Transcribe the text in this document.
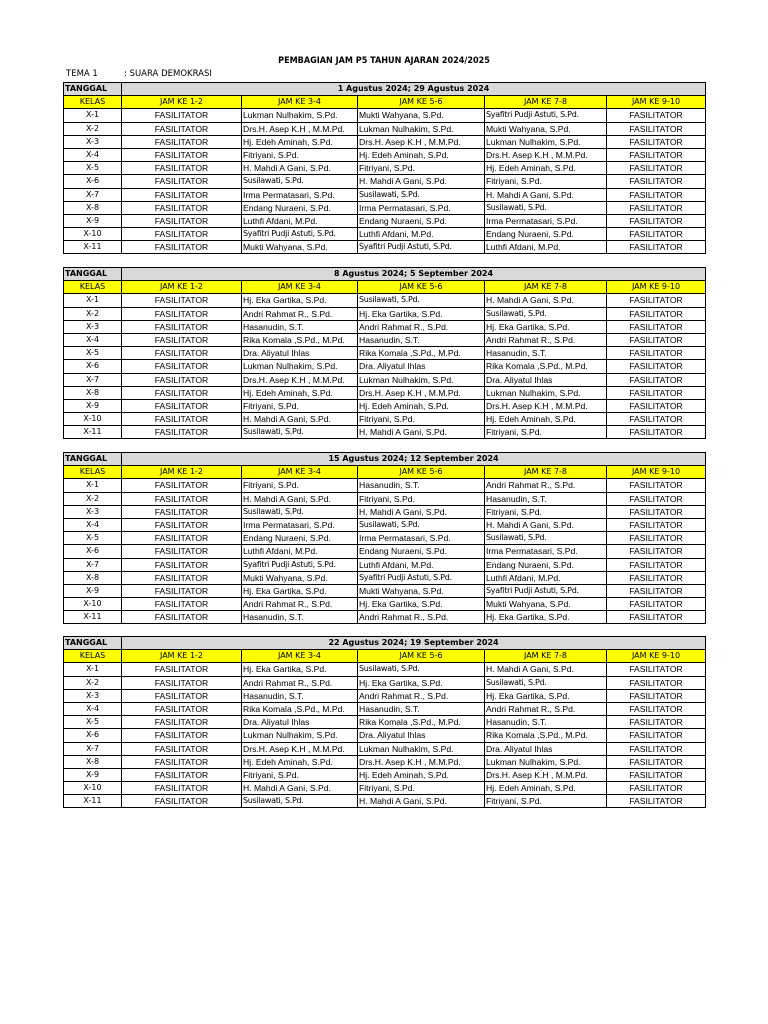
PEMBAGIAN JAM P5 TAHUN AJARAN 2024/2025
TEMA 1	: SUARA DEMOKRASI
TANGGAL	1 Agustus 2024; 29 Agustus 2024				
KELAS	JAM KE 1-2	JAM KE 3-4	JAM KE 5-6	JAM KE 7-8	JAM KE 9-10
X-1	FASILITATOR	Lukman Nulhakim, S.Pd.	Mukti Wahyana, S.Pd.	Syafitri Pudji Astuti, S.Pd.	FASILITATOR
X-2	FASILITATOR	Drs.H. Asep K.H , M.M.Pd.	Lukman Nulhakim, S.Pd.	Mukti Wahyana, S.Pd.	FASILITATOR
X-3	FASILITATOR	Hj. Edeh Aminah, S.Pd.	Drs.H. Asep K.H , M.M.Pd.	Lukman Nulhakim, S.Pd.	FASILITATOR
X-4	FASILITATOR	Fitriyani, S.Pd.	Hj. Edeh Aminah, S.Pd.	Drs.H. Asep K.H , M.M.Pd.	FASILITATOR
X-5	FASILITATOR	H. Mahdi A Gani, S.Pd.	Fitriyani, S.Pd.	Hj. Edeh Aminah, S.Pd.	FASILITATOR
X-6	FASILITATOR	Susilawati, S.Pd.	H. Mahdi A Gani, S.Pd.	Fitriyani, S.Pd.	FASILITATOR
X-7	FASILITATOR	Irma Permatasari, S.Pd.	Susilawati, S.Pd.	H. Mahdi A Gani, S.Pd.	FASILITATOR
X-8	FASILITATOR	Endang Nuraeni, S.Pd.	Irma Permatasari, S.Pd.	Susilawati, S.Pd.	FASILITATOR
X-9	FASILITATOR	Luthfi Afdani, M.Pd.	Endang Nuraeni, S.Pd.	Irma Permatasari, S.Pd.	FASILITATOR
X-10	FASILITATOR	Syafitri Pudji Astuti, S.Pd.	Luthfi Afdani, M.Pd.	Endang Nuraeni, S.Pd.	FASILITATOR
X-11	FASILITATOR	Mukti Wahyana, S.Pd.	Syafitri Pudji Astuti, S.Pd.	Luthfi Afdani, M.Pd.	FASILITATOR
TANGGAL	8 Agustus 2024; 5 September 2024				
KELAS	JAM KE 1-2	JAM KE 3-4	JAM KE 5-6	JAM KE 7-8	JAM KE 9-10
X-1	FASILITATOR	Hj. Eka Gartika, S.Pd.	Susilawati, S.Pd.	H. Mahdi A Gani, S.Pd.	FASILITATOR
X-2	FASILITATOR	Andri Rahmat R., S.Pd.	Hj. Eka Gartika, S.Pd.	Susilawati, S.Pd.	FASILITATOR
X-3	FASILITATOR	Hasanudin, S.T.	Andri Rahmat R., S.Pd.	Hj. Eka Gartika, S.Pd.	FASILITATOR
X-4	FASILITATOR	Rika Komala ,S.Pd., M.Pd.	Hasanudin, S.T.	Andri Rahmat R., S.Pd.	FASILITATOR
X-5	FASILITATOR	Dra. Aliyatul Ihlas	Rika Komala ,S.Pd., M.Pd.	Hasanudin, S.T.	FASILITATOR
X-6	FASILITATOR	Lukman Nulhakim, S.Pd.	Dra. Aliyatul Ihlas	Rika Komala ,S.Pd., M.Pd.	FASILITATOR
X-7	FASILITATOR	Drs.H. Asep K.H , M.M.Pd.	Lukman Nulhakim, S.Pd.	Dra. Aliyatul Ihlas	FASILITATOR
X-8	FASILITATOR	Hj. Edeh Aminah, S.Pd.	Drs.H. Asep K.H , M.M.Pd.	Lukman Nulhakim, S.Pd.	FASILITATOR
X-9	FASILITATOR	Fitriyani, S.Pd.	Hj. Edeh Aminah, S.Pd.	Drs.H. Asep K.H , M.M.Pd.	FASILITATOR
X-10	FASILITATOR	H. Mahdi A Gani, S.Pd.	Fitriyani, S.Pd.	Hj. Edeh Aminah, S.Pd.	FASILITATOR
X-11	FASILITATOR	Susilawati, S.Pd.	H. Mahdi A Gani, S.Pd.	Fitriyani, S.Pd.	FASILITATOR
TANGGAL	15 Agustus 2024; 12 September 2024				
KELAS	JAM KE 1-2	JAM KE 3-4	JAM KE 5-6	JAM KE 7-8	JAM KE 9-10
X-1	FASILITATOR	Fitriyani, S.Pd.	Hasanudin, S.T.	Andri Rahmat R., S.Pd.	FASILITATOR
X-2	FASILITATOR	H. Mahdi A Gani, S.Pd.	Fitriyani, S.Pd.	Hasanudin, S.T.	FASILITATOR
X-3	FASILITATOR	Susilawati, S.Pd.	H. Mahdi A Gani, S.Pd.	Fitriyani, S.Pd.	FASILITATOR
X-4	FASILITATOR	Irma Permatasari, S.Pd.	Susilawati, S.Pd.	H. Mahdi A Gani, S.Pd.	FASILITATOR
X-5	FASILITATOR	Endang Nuraeni, S.Pd.	Irma Permatasari, S.Pd.	Susilawati, S.Pd.	FASILITATOR
X-6	FASILITATOR	Luthfi Afdani, M.Pd.	Endang Nuraeni, S.Pd.	Irma Permatasari, S.Pd.	FASILITATOR
X-7	FASILITATOR	Syafitri Pudji Astuti, S.Pd.	Luthfi Afdani, M.Pd.	Endang Nuraeni, S.Pd.	FASILITATOR
X-8	FASILITATOR	Mukti Wahyana, S.Pd.	Syafitri Pudji Astuti, S.Pd.	Luthfi Afdani, M.Pd.	FASILITATOR
X-9	FASILITATOR	Hj. Eka Gartika, S.Pd.	Mukti Wahyana, S.Pd.	Syafitri Pudji Astuti, S.Pd.	FASILITATOR
X-10	FASILITATOR	Andri Rahmat R., S.Pd.	Hj. Eka Gartika, S.Pd.	Mukti Wahyana, S.Pd.	FASILITATOR
X-11	FASILITATOR	Hasanudin, S.T.	Andri Rahmat R., S.Pd.	Hj. Eka Gartika, S.Pd.	FASILITATOR
TANGGAL	22 Agustus 2024; 19 September 2024				
KELAS	JAM KE 1-2	JAM KE 3-4	JAM KE 5-6	JAM KE 7-8	JAM KE 9-10
X-1	FASILITATOR	Hj. Eka Gartika, S.Pd.	Susilawati, S.Pd.	H. Mahdi A Gani, S.Pd.	FASILITATOR
X-2	FASILITATOR	Andri Rahmat R., S.Pd.	Hj. Eka Gartika, S.Pd.	Susilawati, S.Pd.	FASILITATOR
X-3	FASILITATOR	Hasanudin, S.T.	Andri Rahmat R., S.Pd.	Hj. Eka Gartika, S.Pd.	FASILITATOR
X-4	FASILITATOR	Rika Komala ,S.Pd., M.Pd.	Hasanudin, S.T.	Andri Rahmat R., S.Pd.	FASILITATOR
X-5	FASILITATOR	Dra. Aliyatul Ihlas	Rika Komala ,S.Pd., M.Pd.	Hasanudin, S.T.	FASILITATOR
X-6	FASILITATOR	Lukman Nulhakim, S.Pd.	Dra. Aliyatul Ihlas	Rika Komala ,S.Pd., M.Pd.	FASILITATOR
X-7	FASILITATOR	Drs.H. Asep K.H , M.M.Pd.	Lukman Nulhakim, S.Pd.	Dra. Aliyatul Ihlas	FASILITATOR
X-8	FASILITATOR	Hj. Edeh Aminah, S.Pd.	Drs.H. Asep K.H , M.M.Pd.	Lukman Nulhakim, S.Pd.	FASILITATOR
X-9	FASILITATOR	Fitriyani, S.Pd.	Hj. Edeh Aminah, S.Pd.	Drs.H. Asep K.H , M.M.Pd.	FASILITATOR
X-10	FASILITATOR	H. Mahdi A Gani, S.Pd.	Fitriyani, S.Pd.	Hj. Edeh Aminah, S.Pd.	FASILITATOR
X-11	FASILITATOR	Susilawati, S.Pd.	H. Mahdi A Gani, S.Pd.	Fitriyani, S.Pd.	FASILITATOR
